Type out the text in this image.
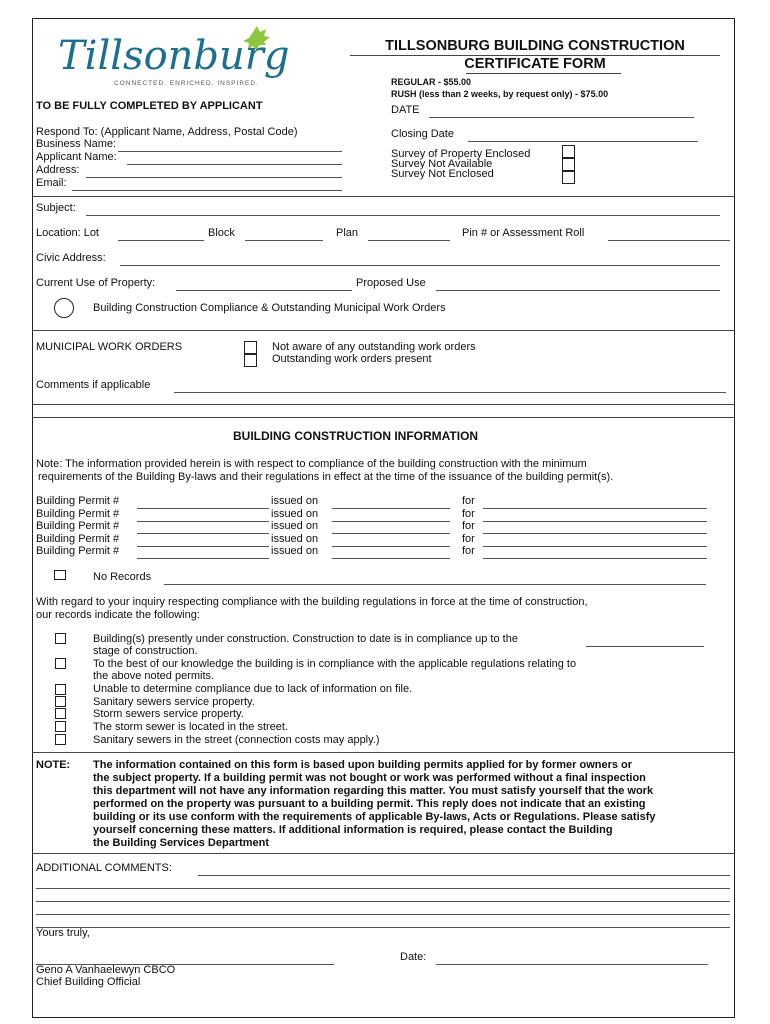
Tillsonburg
CONNECTED. ENRICHED. INSPIRED.
TILLSONBURG BUILDING CONSTRUCTION
CERTIFICATE FORM
REGULAR - $55.00
RUSH (less than 2 weeks, by request only) - $75.00
TO BE FULLY COMPLETED BY APPLICANT
Respond To: (Applicant Name, Address, Postal Code)
Business Name:
Applicant Name:
Address:
Email:
DATE
Closing Date
Survey of Property Enclosed
Survey Not Available
Survey Not Enclosed
Subject:
Location: Lot	Block	Plan	Pin # or Assessment Roll
Civic Address:
Current Use of Property:	Proposed Use
Building Construction Compliance & Outstanding Municipal Work Orders
MUNICIPAL WORK ORDERS	Not aware of any outstanding work orders
Outstanding work orders present
Comments if applicable
BUILDING CONSTRUCTION INFORMATION
Note: The information provided herein is with respect to compliance of the building construction with the minimum
requirements of the Building By-laws and their regulations in effect at the time of the issuance of the building permit(s).
Building Permit #	issued on	for
Building Permit #	issued on	for
Building Permit #	issued on	for
Building Permit #	issued on	for
Building Permit #	issued on	for
No Records
With regard to your inquiry respecting compliance with the building regulations in force at the time of construction,
our records indicate the following:
Building(s) presently under construction. Construction to date is in compliance up to the
stage of construction.
To the best of our knowledge the building is in compliance with the applicable regulations relating to
the above noted permits.
Unable to determine compliance due to lack of information on file.
Sanitary sewers service property.
Storm sewers service property.
The storm sewer is located in the street.
Sanitary sewers in the street (connection costs may apply.)
NOTE: The information contained on this form is based upon building permits applied for by former owners or
the subject property. If a building permit was not bought or work was performed without a final inspection
this department will not have any information regarding this matter. You must satisfy yourself that the work
performed on the property was pursuant to a building permit. This reply does not indicate that an existing
building or its use conform with the requirements of applicable By-laws, Acts or Regulations. Please satisfy
yourself concerning these matters. If additional information is required, please contact the Building
the Building Services Department
ADDITIONAL COMMENTS:
Yours truly,
Date:
Geno A Vanhaelewyn CBCO
Chief Building Official
